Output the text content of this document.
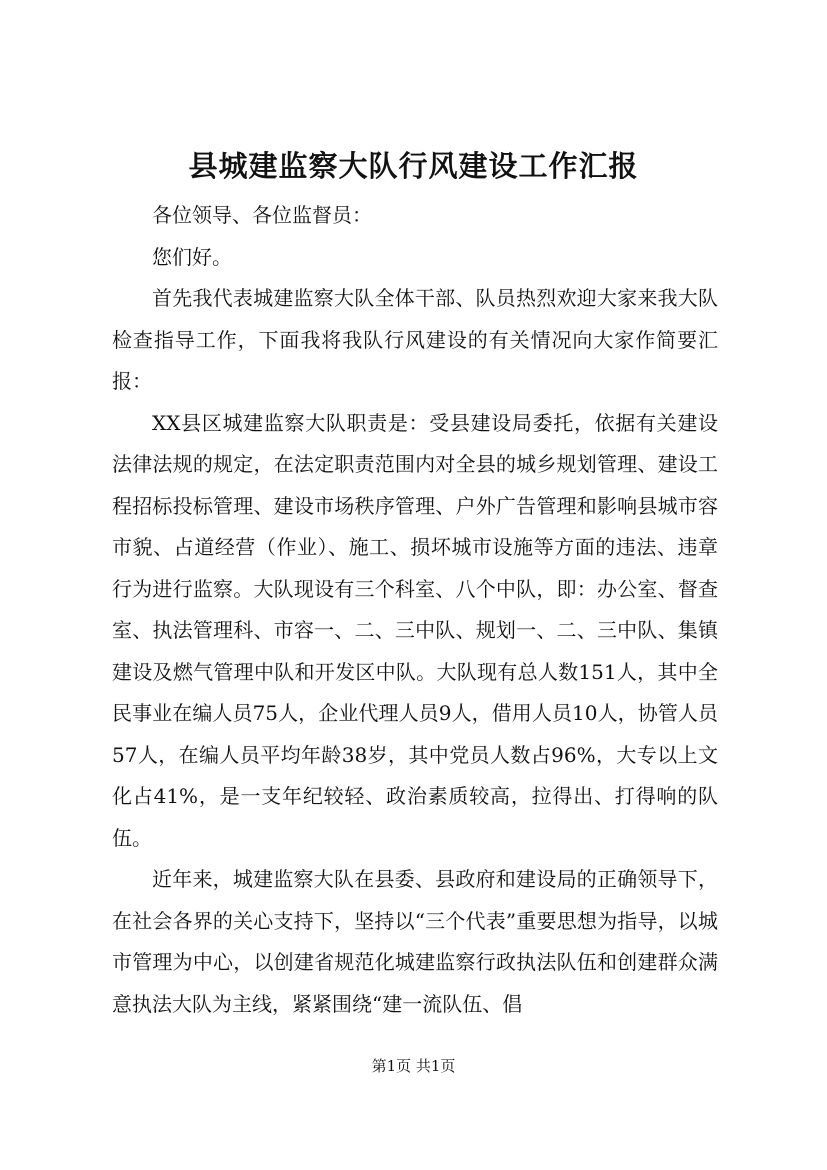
县城建监察大队行风建设工作汇报

各位领导、各位监督员：

您们好。

首先我代表城建监察大队全体干部、队员热烈欢迎大家来我大队检查指导工作，下面我将我队行风建设的有关情况向大家作简要汇报：

XX县区城建监察大队职责是：受县建设局委托，依据有关建设法律法规的规定，在法定职责范围内对全县的城乡规划管理、建设工程招标投标管理、建设市场秩序管理、户外广告管理和影响县城市容市貌、占道经营（作业）、施工、损坏城市设施等方面的违法、违章行为进行监察。大队现设有三个科室、八个中队，即：办公室、督查室、执法管理科、市容一、二、三中队、规划一、二、三中队、集镇建设及燃气管理中队和开发区中队。大队现有总人数151人，其中全民事业在编人员75人，企业代理人员9人，借用人员10人，协管人员57人，在编人员平均年龄38岁，其中党员人数占96%，大专以上文化占41%，是一支年纪较轻、政治素质较高，拉得出、打得响的队伍。

近年来，城建监察大队在县委、县政府和建设局的正确领导下，在社会各界的关心支持下，坚持以“三个代表”重要思想为指导，以城市管理为中心，以创建省规范化城建监察行政执法队伍和创建群众满意执法大队为主线，紧紧围绕“建一流队伍、倡

第1页 共1页
